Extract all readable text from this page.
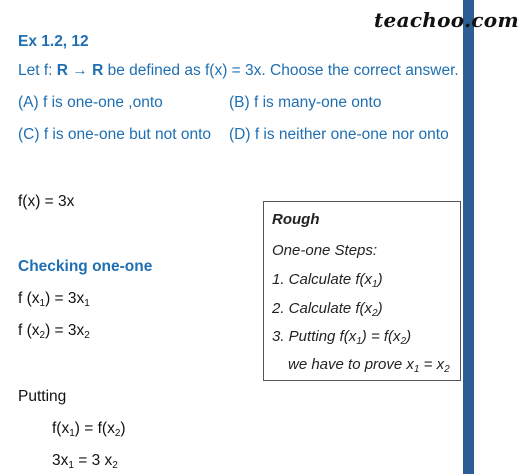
teachoo.com
Ex 1.2, 12
Let f: R → R be defined as f(x) = 3x. Choose the correct answer.
(A) f is one-one ,onto	(B) f is many-one onto
(C) f is one-one but not onto (D) f is neither one-one nor onto
f(x) = 3x
Checking one-one
f $(x_1) = 3x_1$
f $(x_2) = 3x_2$
Putting
$f(x_1) = f(x_2)$
$3x_1 = 3$ $x_2$
Rough
One-one Steps:
1. Calculate $f(x_1)$
2. Calculate $f(x_2)$
3. Putting $f(x_1) = f(x_2)$
we have to prove $x_1 = x_2$
